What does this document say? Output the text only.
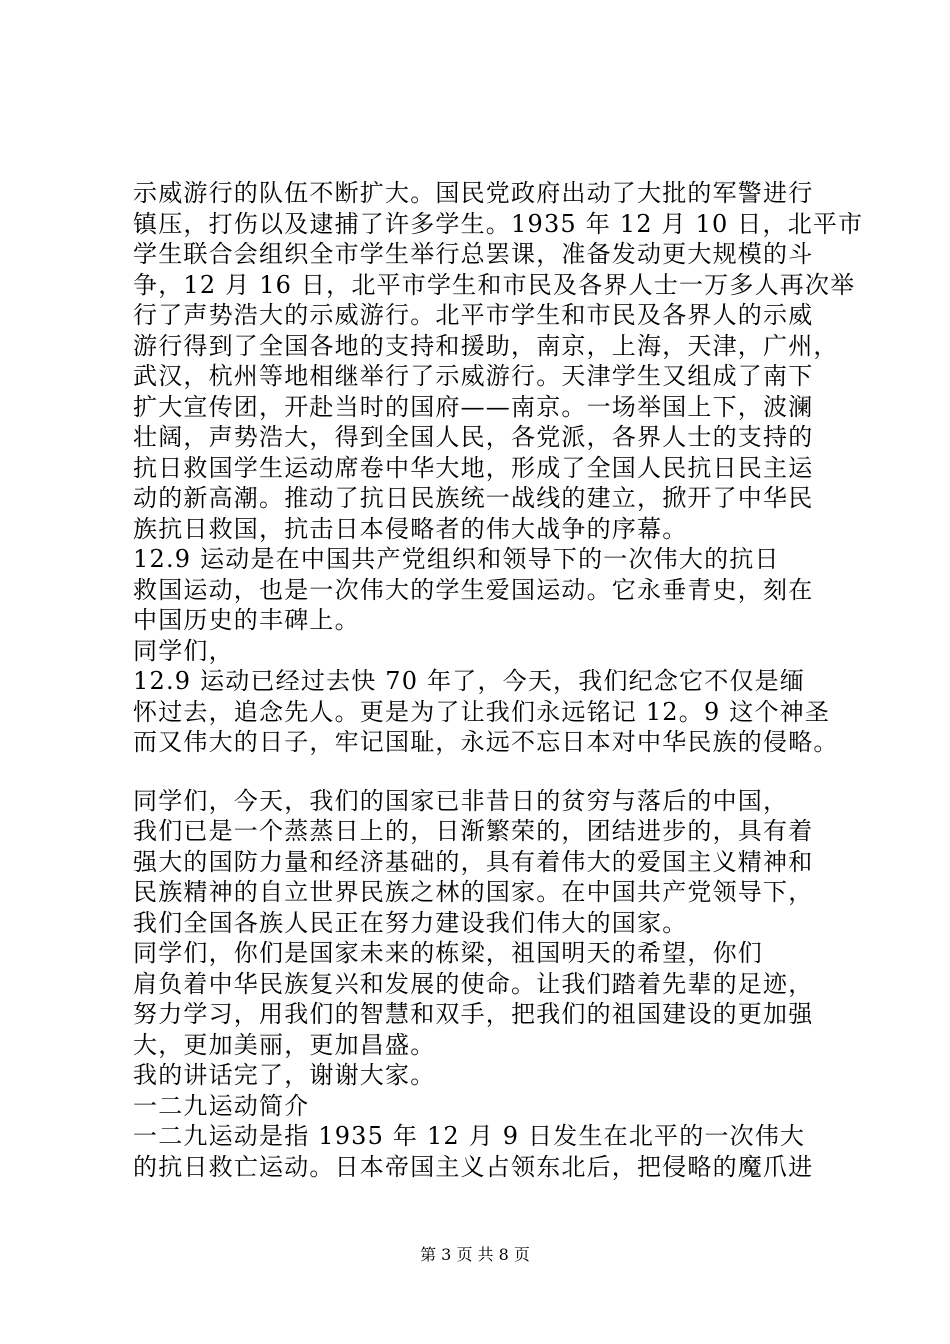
示威游行的队伍不断扩大。国民党政府出动了大批的军警进行
镇压，打伤以及逮捕了许多学生。1935 年 12 月 10 日，北平市
学生联合会组织全市学生举行总罢课，准备发动更大规模的斗
争，12 月 16 日，北平市学生和市民及各界人士一万多人再次举
行了声势浩大的示威游行。北平市学生和市民及各界人的示威
游行得到了全国各地的支持和援助，南京，上海，天津，广州，
武汉，杭州等地相继举行了示威游行。天津学生又组成了南下
扩大宣传团，开赴当时的国府——南京。一场举国上下，波澜
壮阔，声势浩大，得到全国人民，各党派，各界人士的支持的
抗日救国学生运动席卷中华大地，形成了全国人民抗日民主运
动的新高潮。推动了抗日民族统一战线的建立，掀开了中华民
族抗日救国，抗击日本侵略者的伟大战争的序幕。
12.9 运动是在中国共产党组织和领导下的一次伟大的抗日
救国运动，也是一次伟大的学生爱国运动。它永垂青史，刻在
中国历史的丰碑上。
同学们，
12.9 运动已经过去快 70 年了，今天，我们纪念它不仅是缅
怀过去，追念先人。更是为了让我们永远铭记 12。9 这个神圣
而又伟大的日子，牢记国耻，永远不忘日本对中华民族的侵略。
同学们，今天，我们的国家已非昔日的贫穷与落后的中国，
我们已是一个蒸蒸日上的，日渐繁荣的，团结进步的，具有着
强大的国防力量和经济基础的，具有着伟大的爱国主义精神和
民族精神的自立世界民族之林的国家。在中国共产党领导下，
我们全国各族人民正在努力建设我们伟大的国家。
同学们，你们是国家未来的栋梁，祖国明天的希望，你们
肩负着中华民族复兴和发展的使命。让我们踏着先辈的足迹，
努力学习，用我们的智慧和双手，把我们的祖国建设的更加强
大，更加美丽，更加昌盛。
我的讲话完了，谢谢大家。
一二九运动简介
一二九运动是指 1935 年 12 月 9 日发生在北平的一次伟大
的抗日救亡运动。日本帝国主义占领东北后，把侵略的魔爪进
第 3 页 共 8 页
